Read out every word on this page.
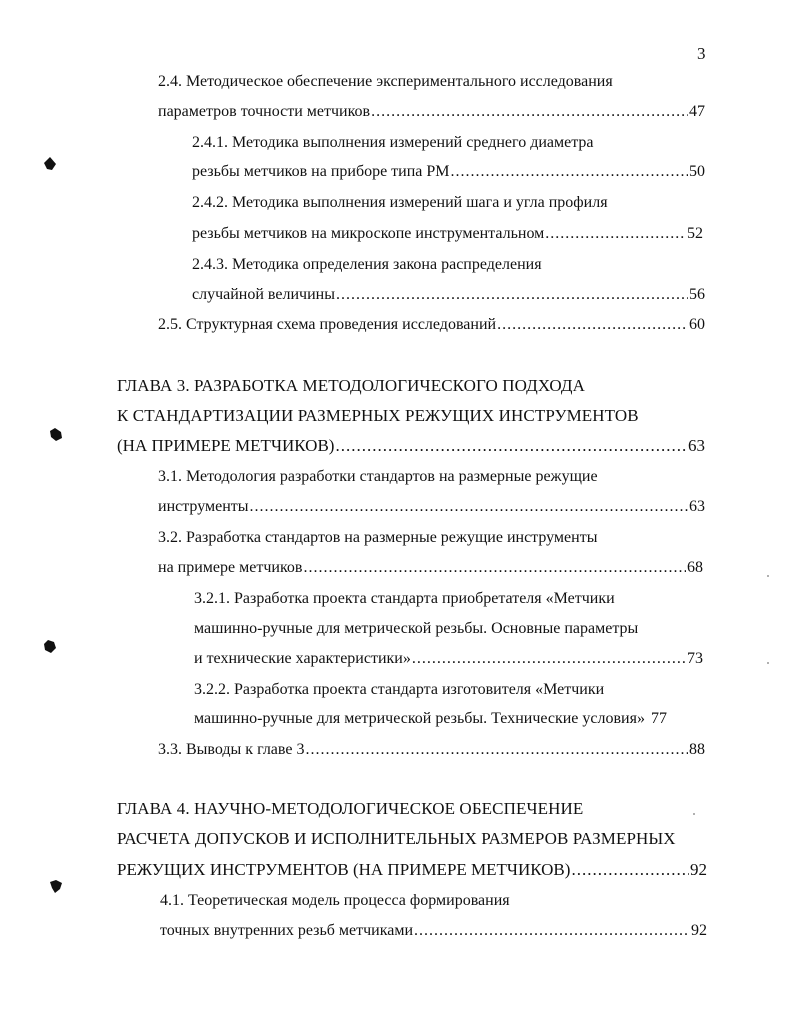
3
2.4. Методическое обеспечение экспериментального исследования
параметров точности метчиков .....	47
2.4.1. Методика выполнения измерений среднего диаметра
резьбы метчиков на приборе типа РМ .....	50
2.4.2. Методика выполнения измерений шага и угла профиля
резьбы метчиков на микроскопе инструментальном .....	52
2.4.3. Методика определения закона распределения
случайной величины .....	56
2.5. Структурная схема проведения исследований .....	60
ГЛАВА 3. РАЗРАБОТКА МЕТОДОЛОГИЧЕСКОГО ПОДХОДА
К СТАНДАРТИЗАЦИИ РАЗМЕРНЫХ РЕЖУЩИХ ИНСТРУМЕНТОВ
(НА ПРИМЕРЕ МЕТЧИКОВ) .....	63
3.1. Методология разработки стандартов на размерные режущие
инструменты .....	63
3.2. Разработка стандартов на размерные режущие инструменты
на примере метчиков .....	68
3.2.1. Разработка проекта стандарта приобретателя «Метчики
машинно-ручные для метрической резьбы. Основные параметры
и технические характеристики» .....	73
3.2.2. Разработка проекта стандарта изготовителя «Метчики
машинно-ручные для метрической резьбы. Технические условия» 77
3.3. Выводы к главе 3 .....	88
ГЛАВА 4. НАУЧНО-МЕТОДОЛОГИЧЕСКОЕ ОБЕСПЕЧЕНИЕ
РАСЧЕТА ДОПУСКОВ И ИСПОЛНИТЕЛЬНЫХ РАЗМЕРОВ РАЗМЕРНЫХ
РЕЖУЩИХ ИНСТРУМЕНТОВ (НА ПРИМЕРЕ МЕТЧИКОВ) .....	92
4.1. Теоретическая модель процесса формирования
точных внутренних резьб метчиками .....	92
